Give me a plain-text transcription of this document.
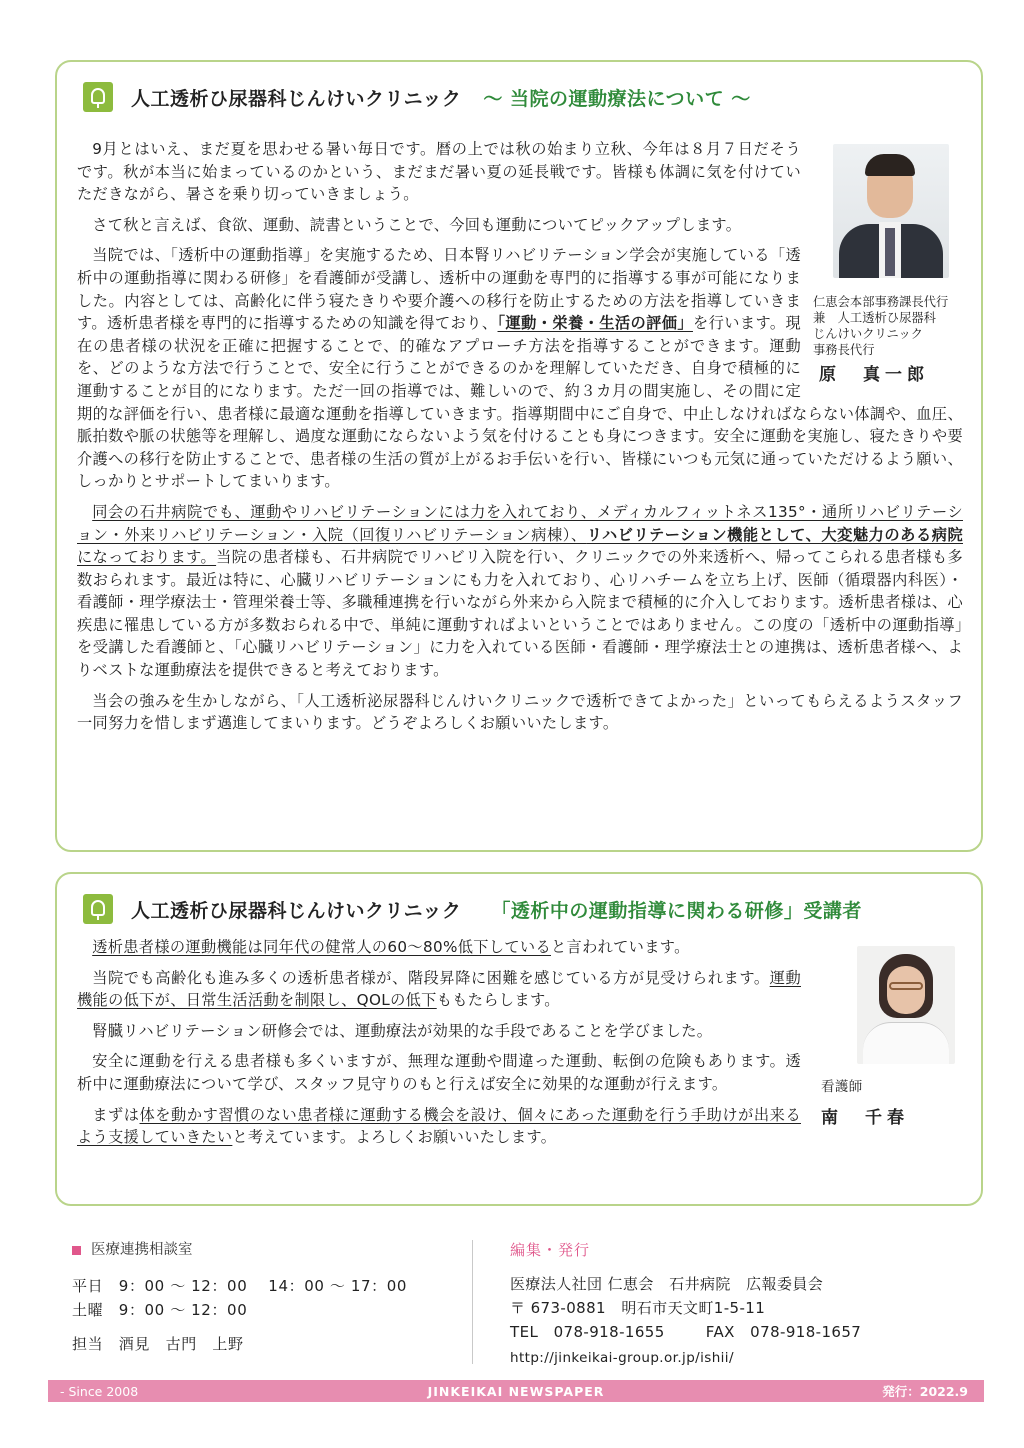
人工透析ひ尿器科じんけいクリニック ～ 当院の運動療法について ～
仁恵会本部事務課長代行
兼　人工透析ひ尿器科
じんけいクリニック
事務長代行
原　真一郎

9月とはいえ、まだ夏を思わせる暑い毎日です。暦の上では秋の始まり立秋、今年は８月７日だそうです。秋が本当に始まっているのかという、まだまだ暑い夏の延長戦です。皆様も体調に気を付けていただきながら、暑さを乗り切っていきましょう。

さて秋と言えば、食欲、運動、読書ということで、今回も運動についてピックアップします。

当院では、「透析中の運動指導」を実施するため、日本腎リハビリテーション学会が実施している「透析中の運動指導に関わる研修」を看護師が受講し、透析中の運動を専門的に指導する事が可能になりました。内容としては、高齢化に伴う寝たきりや要介護への移行を防止するための方法を指導していきます。透析患者様を専門的に指導するための知識を得ており、「運動・栄養・生活の評価」を行います。現在の患者様の状況を正確に把握することで、的確なアプローチ方法を指導することができます。運動を、どのような方法で行うことで、安全に行うことができるのかを理解していただき、自身で積極的に運動することが目的になります。ただ一回の指導では、難しいので、約３カ月の間実施し、その間に定期的な評価を行い、患者様に最適な運動を指導していきます。指導期間中にご自身で、中止しなければならない体調や、血圧、脈拍数や脈の状態等を理解し、過度な運動にならないよう気を付けることも身につきます。安全に運動を実施し、寝たきりや要介護への移行を防止することで、患者様の生活の質が上がるお手伝いを行い、皆様にいつも元気に通っていただけるよう願い、しっかりとサポートしてまいります。

同会の石井病院でも、運動やリハビリテーションには力を入れており、メディカルフィットネス135°・通所リハビリテーション・外来リハビリテーション・入院（回復リハビリテーション病棟）、リハビリテーション機能として、大変魅力のある病院になっております。当院の患者様も、石井病院でリハビリ入院を行い、クリニックでの外来透析へ、帰ってこられる患者様も多数おられます。最近は特に、心臓リハビリテーションにも力を入れており、心リハチームを立ち上げ、医師（循環器内科医）・看護師・理学療法士・管理栄養士等、多職種連携を行いながら外来から入院まで積極的に介入しております。透析患者様は、心疾患に罹患している方が多数おられる中で、単純に運動すればよいということではありません。この度の「透析中の運動指導」を受講した看護師と、「心臓リハビリテーション」に力を入れている医師・看護師・理学療法士との連携は、透析患者様へ、よりベストな運動療法を提供できると考えております。

当会の強みを生かしながら、「人工透析泌尿器科じんけいクリニックで透析できてよかった」といってもらえるようスタッフ一同努力を惜しまず邁進してまいります。どうぞよろしくお願いいたします。

人工透析ひ尿器科じんけいクリニック 「透析中の運動指導に関わる研修」受講者
看護師
南　千春

透析患者様の運動機能は同年代の健常人の60～80%低下していると言われています。

当院でも高齢化も進み多くの透析患者様が、階段昇降に困難を感じている方が見受けられます。運動機能の低下が、日常生活活動を制限し、QOLの低下ももたらします。

腎臓リハビリテーション研修会では、運動療法が効果的な手段であることを学びました。

安全に運動を行える患者様も多くいますが、無理な運動や間違った運動、転倒の危険もあります。透析中に運動療法について学び、スタッフ見守りのもと行えば安全に効果的な運動が行えます。

まずは体を動かす習慣のない患者様に運動する機会を設け、個々にあった運動を行う手助けが出来るよう支援していきたいと考えています。よろしくお願いいたします。

医療連携相談室
平日　9：00 ～ 12：00　 14：00 ～ 17：00
土曜　9：00 ～ 12：00
担当　酒見　古門　上野
編集・発行
医療法人社団 仁恵会　石井病院　広報委員会
〒 673-0881　明石市天文町1-5-11
TEL　078-918-1655　　  FAX　078-918-1657
http://jinkeikai-group.or.jp/ishii/
- Since 2008	JINKEIKAI NEWSPAPER	発行：2022.9
